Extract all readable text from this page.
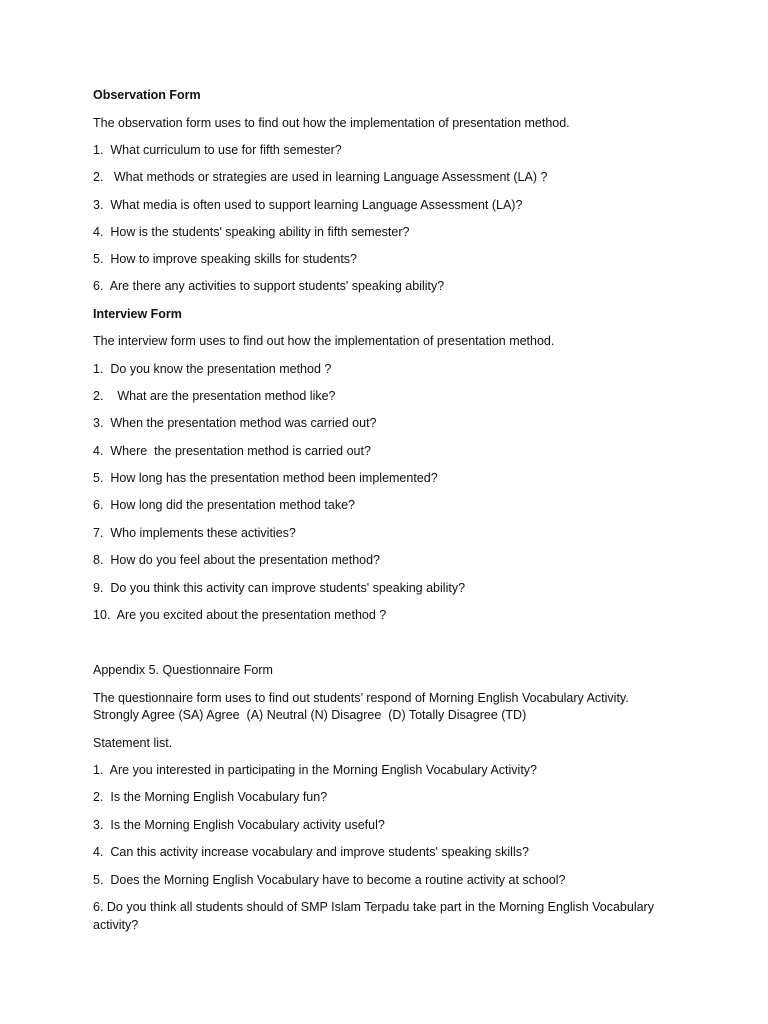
Observation Form
The observation form uses to find out how the implementation of presentation method.
1.  What curriculum to use for fifth semester?
2.   What methods or strategies are used in learning Language Assessment (LA) ?
3.  What media is often used to support learning Language Assessment (LA)?
4.  How is the students' speaking ability in fifth semester?
5.  How to improve speaking skills for students?
6.  Are there any activities to support students' speaking ability?
Interview Form
The interview form uses to find out how the implementation of presentation method.
1.  Do you know the presentation method ?
2.    What are the presentation method like?
3.  When the presentation method was carried out?
4.  Where  the presentation method is carried out?
5.  How long has the presentation method been implemented?
6.  How long did the presentation method take?
7.  Who implements these activities?
8.  How do you feel about the presentation method?
9.  Do you think this activity can improve students' speaking ability?
10.  Are you excited about the presentation method ?
Appendix 5. Questionnaire Form
The questionnaire form uses to find out students’ respond of Morning English Vocabulary Activity.
Strongly Agree (SA) Agree  (A) Neutral (N) Disagree  (D) Totally Disagree (TD)
Statement list.
1.  Are you interested in participating in the Morning English Vocabulary Activity?
2.  Is the Morning English Vocabulary fun?
3.  Is the Morning English Vocabulary activity useful?
4.  Can this activity increase vocabulary and improve students' speaking skills?
5.  Does the Morning English Vocabulary have to become a routine activity at school?
6. Do you think all students should of SMP Islam Terpadu take part in the Morning English Vocabulary activity?
